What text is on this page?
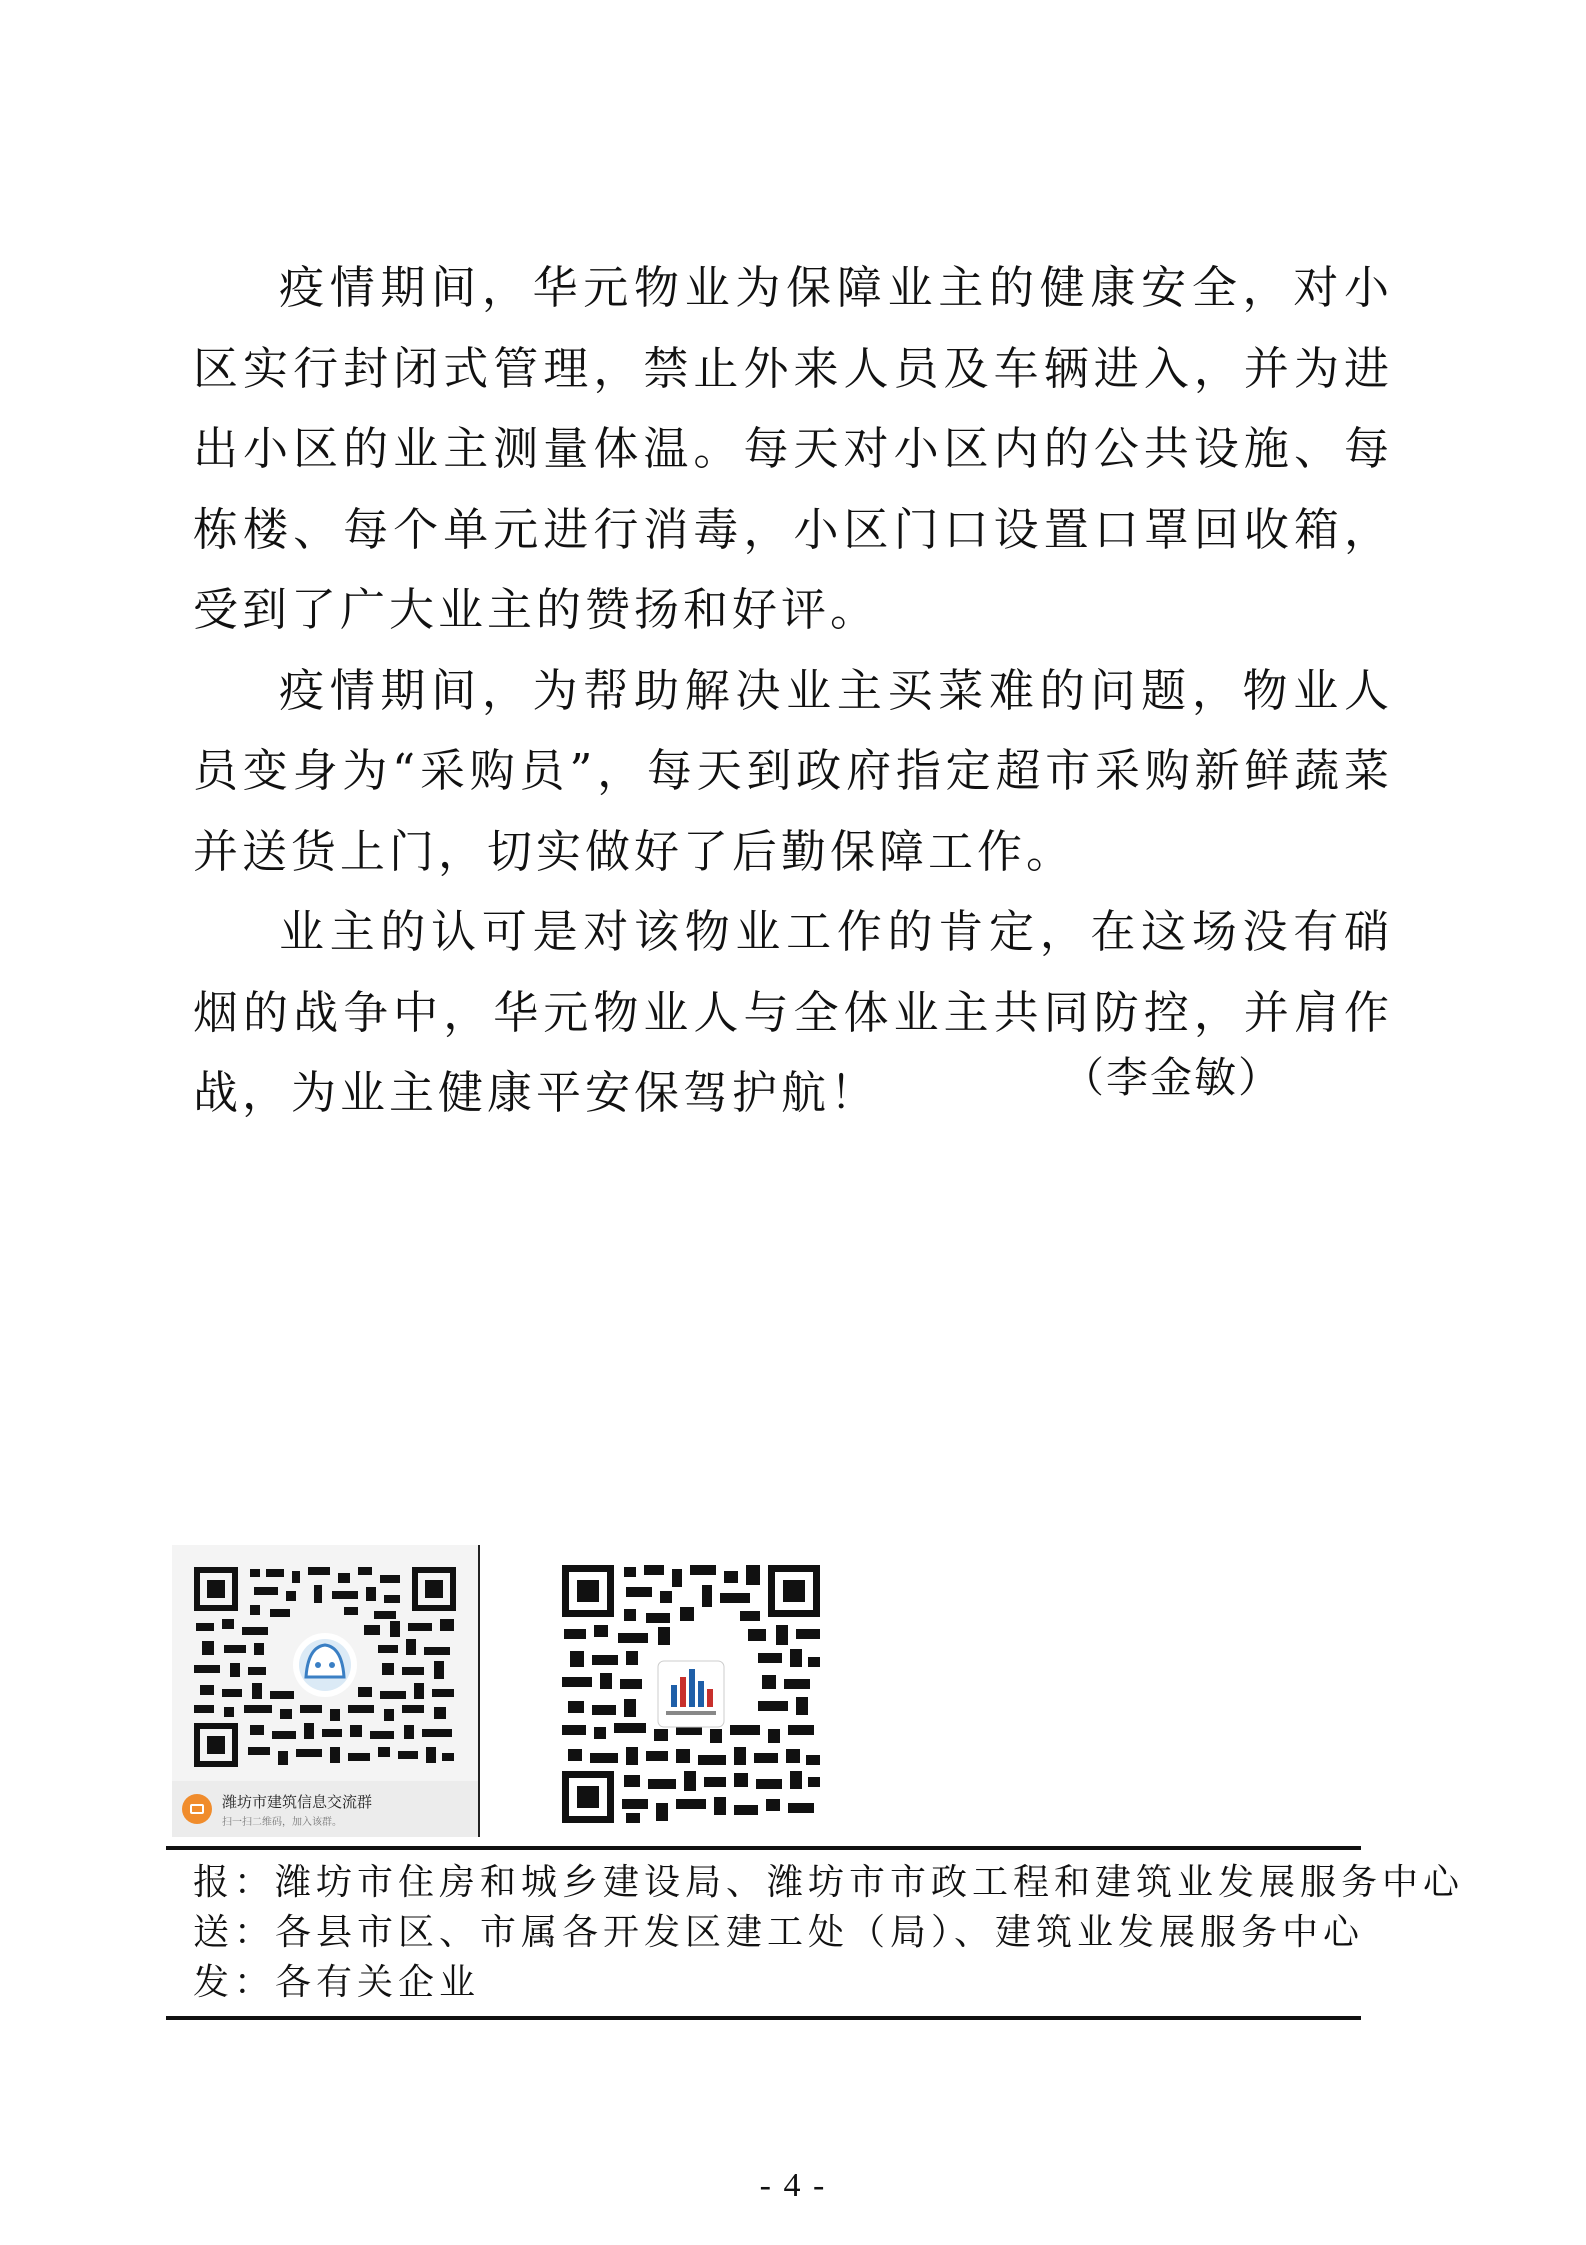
疫情期间，华元物业为保障业主的健康安全，对小区实行封闭式管理，禁止外来人员及车辆进入，并为进出小区的业主测量体温。每天对小区内的公共设施、每栋楼、每个单元进行消毒，小区门口设置口罩回收箱，受到了广大业主的赞扬和好评。

疫情期间，为帮助解决业主买菜难的问题，物业人员变身为“采购员”，每天到政府指定超市采购新鲜蔬菜并送货上门，切实做好了后勤保障工作。

业主的认可是对该物业工作的肯定，在这场没有硝烟的战争中，华元物业人与全体业主共同防控，并肩作战，为业主健康平安保驾护航！	（李金敏）
潍坊市建筑信息交流群
扫一扫二维码，加入该群。
报：潍坊市住房和城乡建设局、潍坊市市政工程和建筑业发展服务中心
送：各县市区、市属各开发区建工处（局）、建筑业发展服务中心
发：各有关企业
- 4 -
